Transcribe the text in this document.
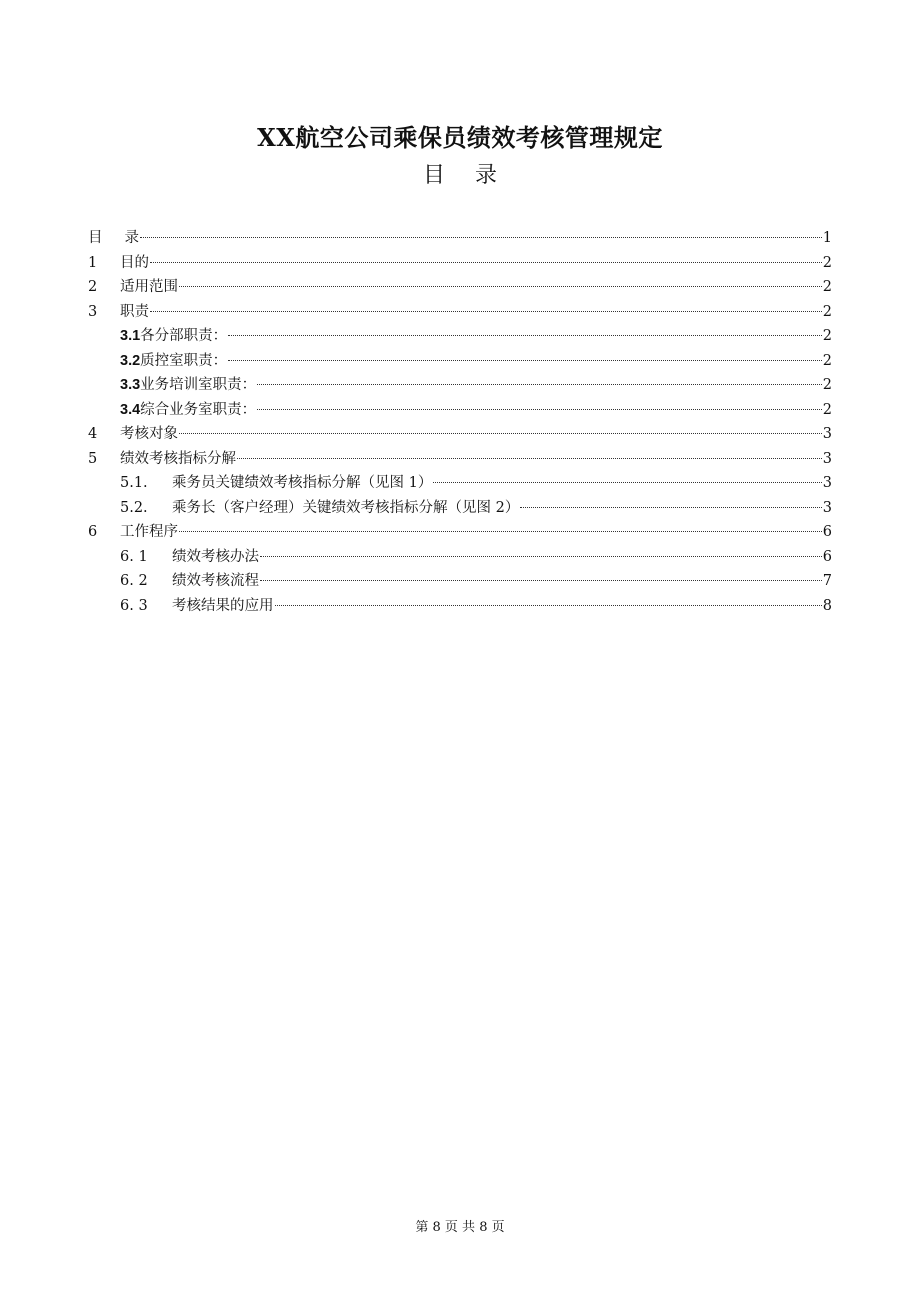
XX航空公司乘保员绩效考核管理规定
目 录
目 录	1
1	目的	2
2	适用范围	2
3	职责	2
3.1 各分部职责：	2
3.2 质控室职责：	2
3.3 业务培训室职责：	2
3.4 综合业务室职责：	2
4	考核对象	3
5	绩效考核指标分解	3
5.1.	乘务员关键绩效考核指标分解（见图 1）	3
5.2.	乘务长（客户经理）关键绩效考核指标分解（见图 2）	3
6	工作程序	6
6. 1	绩效考核办法	6
6. 2	绩效考核流程	7
6. 3	考核结果的应用	8
第 8 页 共 8 页
